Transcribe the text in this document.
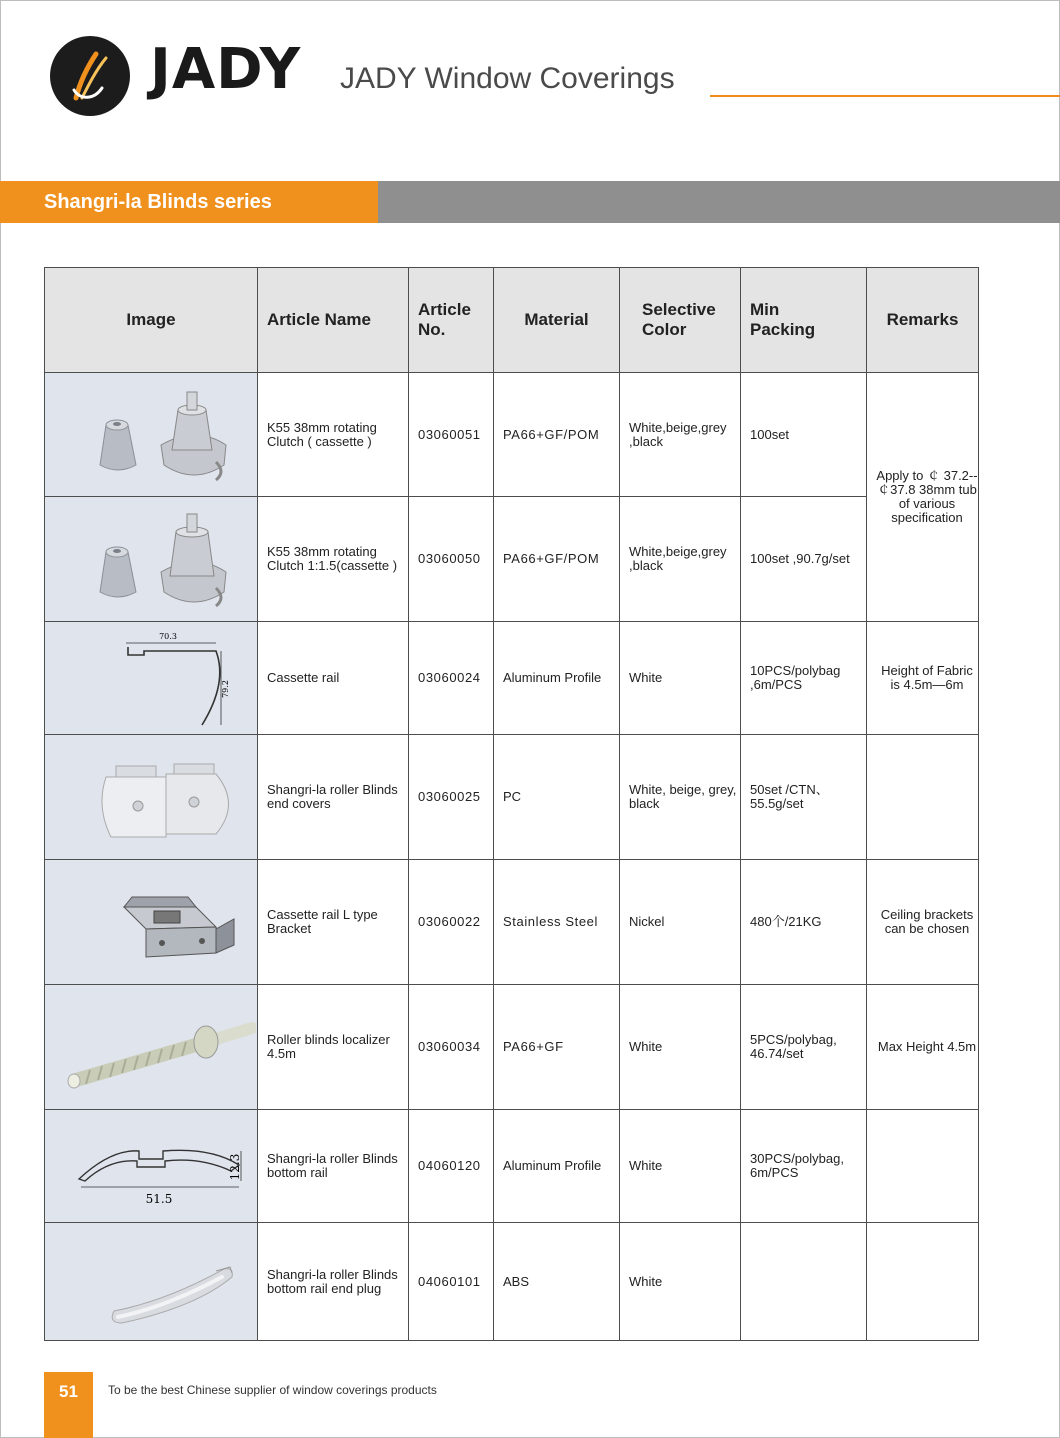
JADY JADY Window Coverings
Shangri-la Blinds series
Image	Article Name	Article No.	Material	Selective Color	Min Packing	Remarks

	K55 38mm rotating Clutch ( cassette )	03060051	PA66+GF/POM	White,beige,grey ,black	100set	Apply to ￠ 37.2--￠37.8 38mm tub of various specification

	K55 38mm rotating Clutch 1:1.5(cassette )	03060050	PA66+GF/POM	White,beige,grey ,black	100set ,90.7g/set	

70.3
79.2	Cassette rail	03060024	Aluminum Profile	White	10PCS/polybag ,6m/PCS	Height of Fabric is 4.5m—6m

	Shangri-la roller Blinds end covers	03060025	PC	White, beige, grey, black	50set /CTN、55.5g/set	

	Cassette rail L type Bracket	03060022	Stainless Steel	Nickel	480个/21KG	Ceiling brackets can be chosen

	Roller blinds localizer 4.5m	03060034	PA66+GF	White	5PCS/polybag, 46.74/set	Max Height 4.5m

51.5
12.3	Shangri-la roller Blinds bottom rail	04060120	Aluminum Profile	White	30PCS/polybag, 6m/PCS	

	Shangri-la roller Blinds bottom rail end plug	04060101	ABS	White		
51	To be the best Chinese supplier of window coverings products
